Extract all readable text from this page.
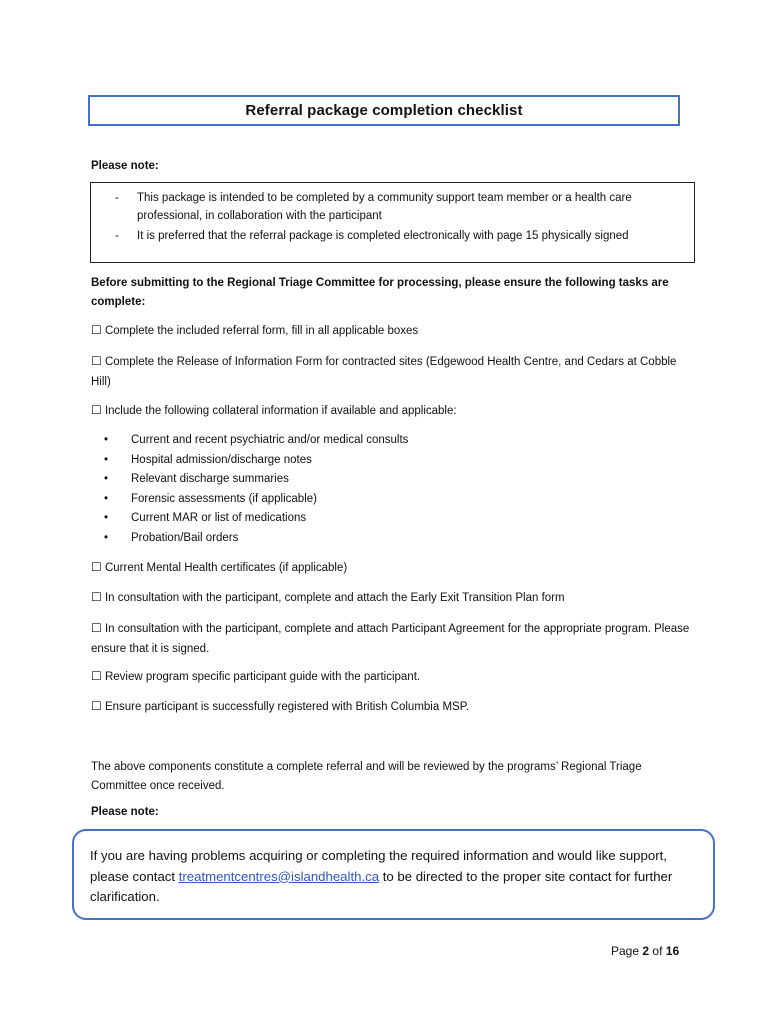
Referral package completion checklist
Please note:
- This package is intended to be completed by a community support team member or a health care professional, in collaboration with the participant
- It is preferred that the referral package is completed electronically with page 15 physically signed
Before submitting to the Regional Triage Committee for processing, please ensure the following tasks are complete:
☐ Complete the included referral form, fill in all applicable boxes
☐ Complete the Release of Information Form for contracted sites (Edgewood Health Centre, and Cedars at Cobble Hill)
☐ Include the following collateral information if available and applicable:
• Current and recent psychiatric and/or medical consults
• Hospital admission/discharge notes
• Relevant discharge summaries
• Forensic assessments (if applicable)
• Current MAR or list of medications
• Probation/Bail orders
☐ Current Mental Health certificates (if applicable)
☐ In consultation with the participant, complete and attach the Early Exit Transition Plan form
☐ In consultation with the participant, complete and attach Participant Agreement for the appropriate program. Please ensure that it is signed.
☐ Review program specific participant guide with the participant.
☐ Ensure participant is successfully registered with British Columbia MSP.
The above components constitute a complete referral and will be reviewed by the programs’ Regional Triage Committee once received.
Please note:
If you are having problems acquiring or completing the required information and would like support, please contact treatmentcentres@islandhealth.ca to be directed to the proper site contact for further clarification.
Page 2 of 16
